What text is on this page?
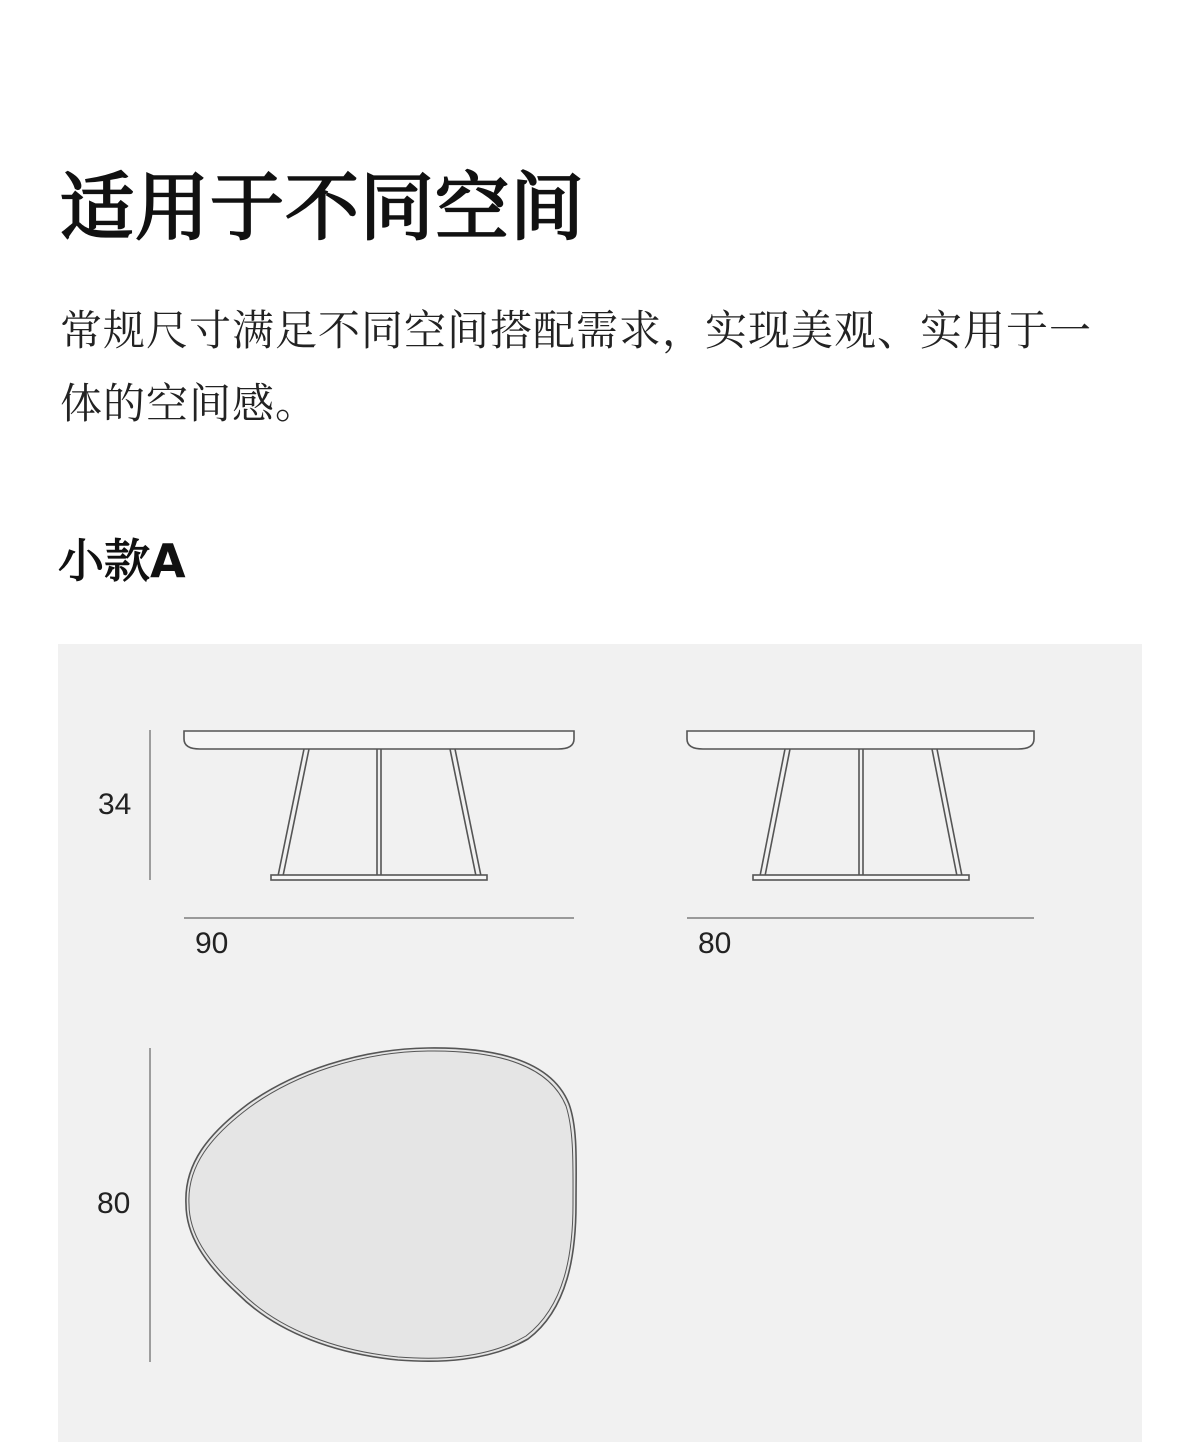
适用于不同空间

常规尺寸满足不同空间搭配需求，实现美观、实用于一体的空间感。

小款A
34
90	80
80
